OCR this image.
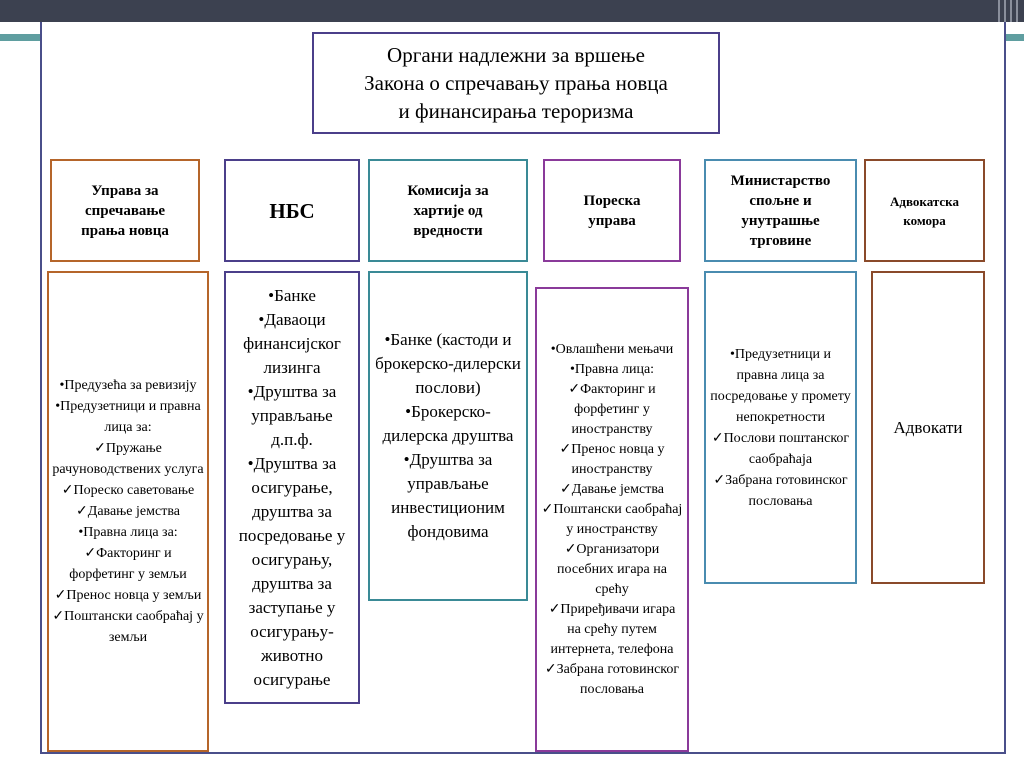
Органи надлежни за вршење
Закона о спречавању прања новца
и финансирања тероризма
Управа за
спречавање
прања новца
НБС
Комисија за
хартије од
вредности
Пореска
управа
Министарство
спољне и
унутрашње
трговине
Адвокатска
комора
•Предузећа за ревизију
•Предузетници и правна лица за:
✓Пружање рачуноводствених услуга
✓Пореско саветовање
✓Давање јемства
•Правна лица за:
✓Факторинг и форфетинг у земљи
✓Пренос новца у земљи
✓Поштански саобраћај у земљи
•Банке
•Даваоци финансијског лизинга
•Друштва за управљање д.п.ф.
•Друштва за осигурање, друштва за посредовање у осигурању, друштва за заступање у осигурању-животно осигурање
•Банке (кастоди и брокерско-дилерски послови)
•Брокерско-дилерска друштва
•Друштва за управљање инвестиционим фондовима
•Овлашћени мењачи
•Правна лица:
✓Факторинг и форфетинг у иностранству
✓Пренос новца у иностранству
✓Давање јемства
✓Поштански саобраћај у иностранству
✓Организатори посебних игара на срећу
✓Приређивачи игара на срећу путем интернета, телефона
✓Забрана готовинског пословања
•Предузетници и правна лица за посредовање у промету непокретности
✓Послови поштанског саобраћаја
✓Забрана готовинског пословања
Адвокати
